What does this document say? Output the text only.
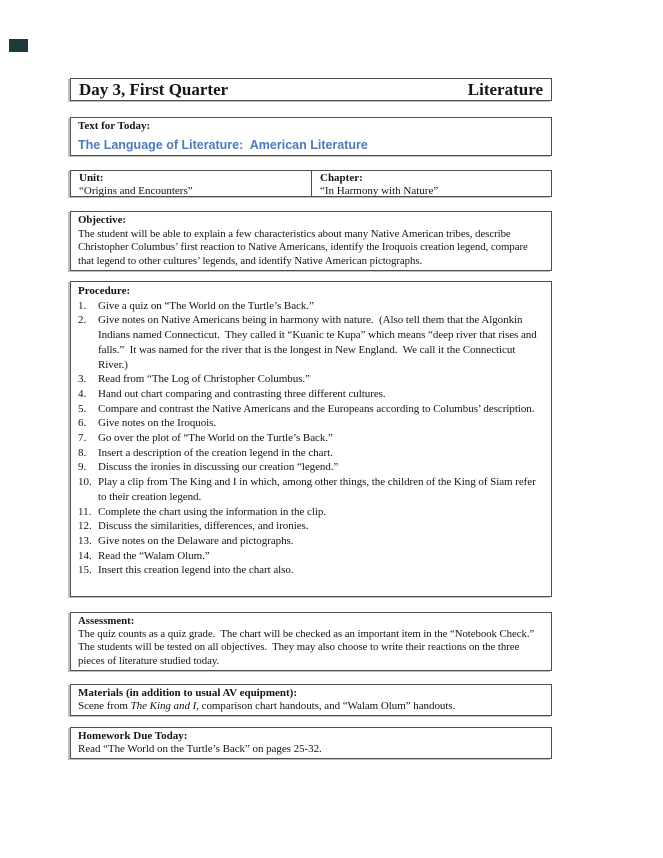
Day 3, First Quarter	Literature
Text for Today:
The Language of Literature:  American Literature
Unit:
“Origins and Encounters”
Chapter:
“In Harmony with Nature”
Objective:
The student will be able to explain a few characteristics about many Native American tribes, describe Christopher Columbus’ first reaction to Native Americans, identify the Iroquois creation legend, compare that legend to other cultures’ legends, and identify Native American pictographs.
Procedure:
1.	Give a quiz on “The World on the Turtle’s Back.”
2.	Give notes on Native Americans being in harmony with nature.  (Also tell them that the Algonkin Indians named Connecticut.  They called it “Kuanic te Kupa” which means “deep river that rises and falls.”  It was named for the river that is the longest in New England.  We call it the Connecticut River.)
3.	Read from “The Log of Christopher Columbus.”
4.	Hand out chart comparing and contrasting three different cultures.
5.	Compare and contrast the Native Americans and the Europeans according to Columbus’ description.
6.	Give notes on the Iroquois.
7.	Go over the plot of “The World on the Turtle’s Back.”
8.	Insert a description of the creation legend in the chart.
9.	Discuss the ironies in discussing our creation “legend.”
10. Play a clip from The King and I in which, among other things, the children of the King of Siam refer to their creation legend.
11. Complete the chart using the information in the clip.
12. Discuss the similarities, differences, and ironies.
13. Give notes on the Delaware and pictographs.
14. Read the “Walam Olum.”
15. Insert this creation legend into the chart also.
Assessment:
The quiz counts as a quiz grade.  The chart will be checked as an important item in the “Notebook Check.”  The students will be tested on all objectives.  They may also choose to write their reactions on the three pieces of literature studied today.
Materials (in addition to usual AV equipment):
Scene from The King and I, comparison chart handouts, and “Walam Olum” handouts.
Homework Due Today:
Read “The World on the Turtle’s Back” on pages 25-32.
